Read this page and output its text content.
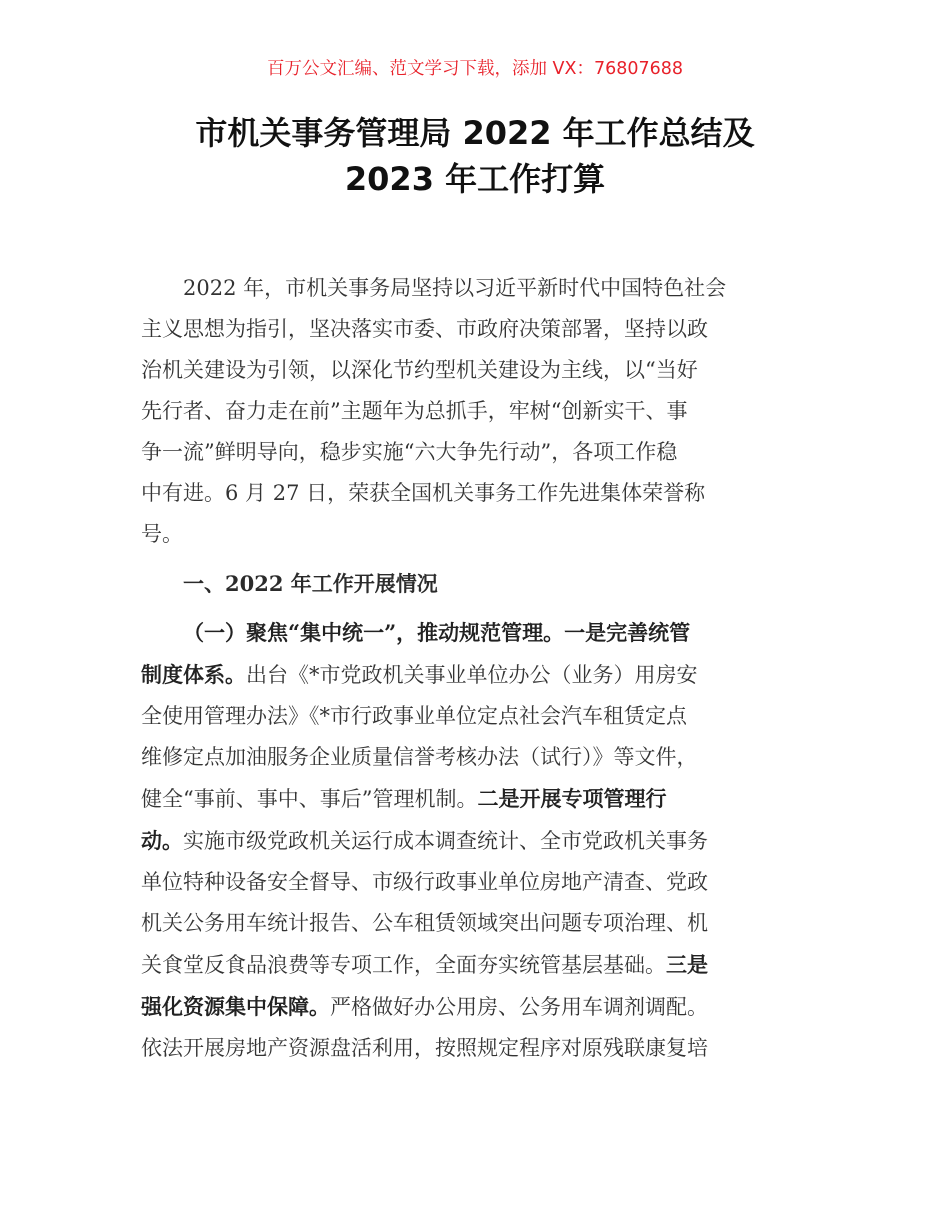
百万公文汇编、范文学习下载，添加 VX：76807688
市机关事务管理局 2022 年工作总结及
2023 年工作打算
2022 年，市机关事务局坚持以习近平新时代中国特色社会
主义思想为指引，坚决落实市委、市政府决策部署，坚持以政
治机关建设为引领，以深化节约型机关建设为主线，以“当好
先行者、奋力走在前”主题年为总抓手，牢树“创新实干、事
争一流”鲜明导向，稳步实施“六大争先行动”，各项工作稳
中有进。6 月 27 日，荣获全国机关事务工作先进集体荣誉称
号。
一、2022 年工作开展情况
（一）聚焦“集中统一”，推动规范管理。一是完善统管
制度体系。出台《*市党政机关事业单位办公（业务）用房安
全使用管理办法》《*市行政事业单位定点社会汽车租赁定点
维修定点加油服务企业质量信誉考核办法（试行）》等文件，
健全“事前、事中、事后”管理机制。二是开展专项管理行
动。实施市级党政机关运行成本调查统计、全市党政机关事务
单位特种设备安全督导、市级行政事业单位房地产清查、党政
机关公务用车统计报告、公车租赁领域突出问题专项治理、机
关食堂反食品浪费等专项工作，全面夯实统管基层基础。三是
强化资源集中保障。严格做好办公用房、公务用车调剂调配。
依法开展房地产资源盘活利用，按照规定程序对原残联康复培
